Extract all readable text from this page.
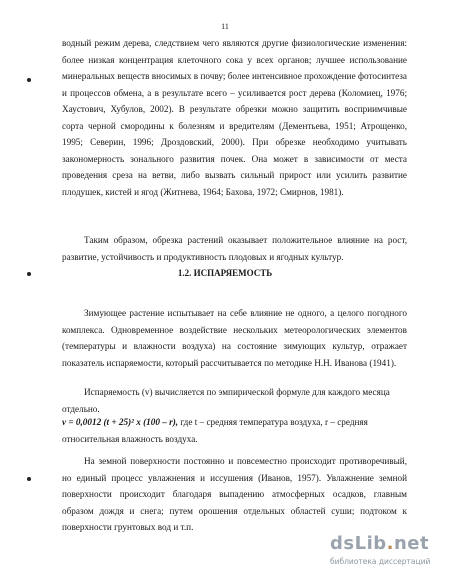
11
водный режим дерева, следствием чего являются другие физиологические изменения: более низкая концентрация клеточного сока у всех органов; лучшее использование минеральных веществ вносимых в почву; более интенсивное прохождение фотосинтеза и процессов обмена, а в результате всего – усиливается рост дерева (Коломиец, 1976; Хаустович, Хубулов, 2002). В результате обрезки можно защитить восприимчивые сорта черной смородины к болезням и вредителям (Дементьева, 1951; Атрощенко, 1995; Северин, 1996; Дроздовский, 2000). При обрезке необходимо учитывать закономерность зонального развития почек. Она может в зависимости от места проведения среза на ветви, либо вызвать сильный прирост или усилить развитие плодушек, кистей и ягод (Житнева, 1964; Бахова, 1972; Смирнов, 1981).
Таким образом, обрезка растений оказывает положительное влияние на рост, развитие, устойчивость и продуктивность плодовых и ягодных культур.
1.2. ИСПАРЯЕМОСТЬ
Зимующее растение испытывает на себе влияние не одного, а целого погодного комплекса. Одновременное воздействие нескольких метеорологических элементов (температуры и влажности воздуха) на состояние зимующих культур, отражает показатель испаряемости, который рассчитывается по методике Н.Н. Иванова (1941).
Испаряемость (v) вычисляется по эмпирической формуле для каждого месяца отдельно.
v = 0,0012 (t + 25)² x (100 – r), где t – средняя температура воздуха, r – средняя относительная влажность воздуха.
На земной поверхности постоянно и повсеместно происходит противоречивый, но единый процесс увлажнения и иссушения (Иванов, 1957). Увлажнение земной поверхности происходит благодаря выпадению атмосферных осадков, главным образом дождя и снега; путем орошения отдельных областей суши; подтоком к поверхности грунтовых вод и т.п.
dsLib.net
библиотека диссертаций
